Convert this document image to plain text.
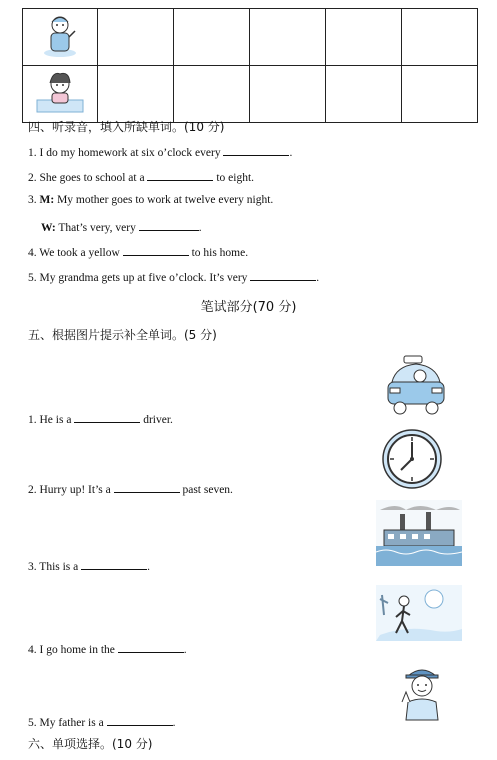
四、听录音，填入所缺单词。(10 分)
1. I do my homework at six o’clock every	.
2. She goes to school at a	to eight.
3. M: My mother goes to work at twelve every night.
W: That’s very, very	.
4. We took a yellow	to his home.
5. My grandma gets up at five o’clock. It’s very	.
笔试部分(70 分)
五、根据图片提示补全单词。(5 分)
1. He is a	driver.
2. Hurry up! It’s a	past seven.
3. This is a	.
4. I go home in the	.
5. My father is a	.
六、单项选择。(10 分)
